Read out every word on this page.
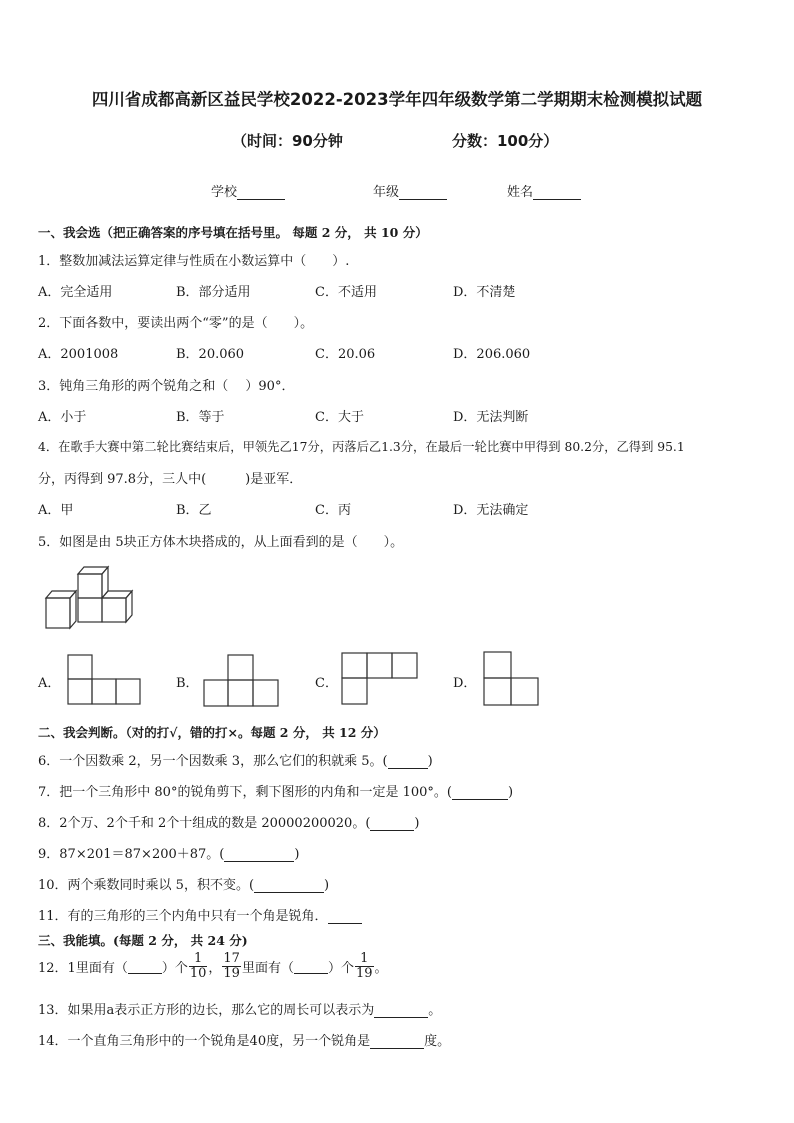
四川省成都高新区益民学校2022-2023学年四年级数学第二学期期末检测模拟试题
（时间：90分钟	分数：100分）
学校	年级	姓名
一、我会选（把正确答案的序号填在括号里。 每题 2 分， 共 10 分）
1．整数加减法运算定律与性质在小数运算中（　　）.
A．完全适用	B．部分适用	C．不适用	D．不清楚
2．下面各数中，要读出两个“零”的是（　　）。
A．2001008	B．20.060	C．20.06	D．206.060
3．钝角三角形的两个锐角之和（　 ）90°．
A．小于	B．等于	C．大于	D．无法判断
4．在歌手大赛中第二轮比赛结束后，甲领先乙17分，丙落后乙1.3分，在最后一轮比赛中甲得到 80.2分，乙得到 95.1
分，丙得到 97.8分，三人中(　　　)是亚军．
A．甲	B．乙	C．丙	D．无法确定
5．如图是由 5块正方体木块搭成的，从上面看到的是（　　）。
A．	B．	C．	D．
二、我会判断。（对的打√，错的打×。每题 2 分， 共 12 分）
6．一个因数乘 2，另一个因数乘 3，那么它们的积就乘 5。(	)
7．把一个三角形中 80°的锐角剪下，剩下图形的内角和一定是 100°。(	)
8．2个万、2个千和 2个十组成的数是 20000200020。(	)
9．87×201＝87×200＋87。(	)
10．两个乘数同时乘以 5，积不变。(	)
11．有的三角形的三个内角中只有一个角是锐角．
三、我能填。(每题 2 分， 共 24 分)
12．1里面有（	）个 $\frac{1}{10}$ ， $\frac{17}{19}$ 里面有（	）个 $\frac{1}{19}$ 。
13．如果用a表示正方形的边长，那么它的周长可以表示为	。
14．一个直角三角形中的一个锐角是40度，另一个锐角是	度。
